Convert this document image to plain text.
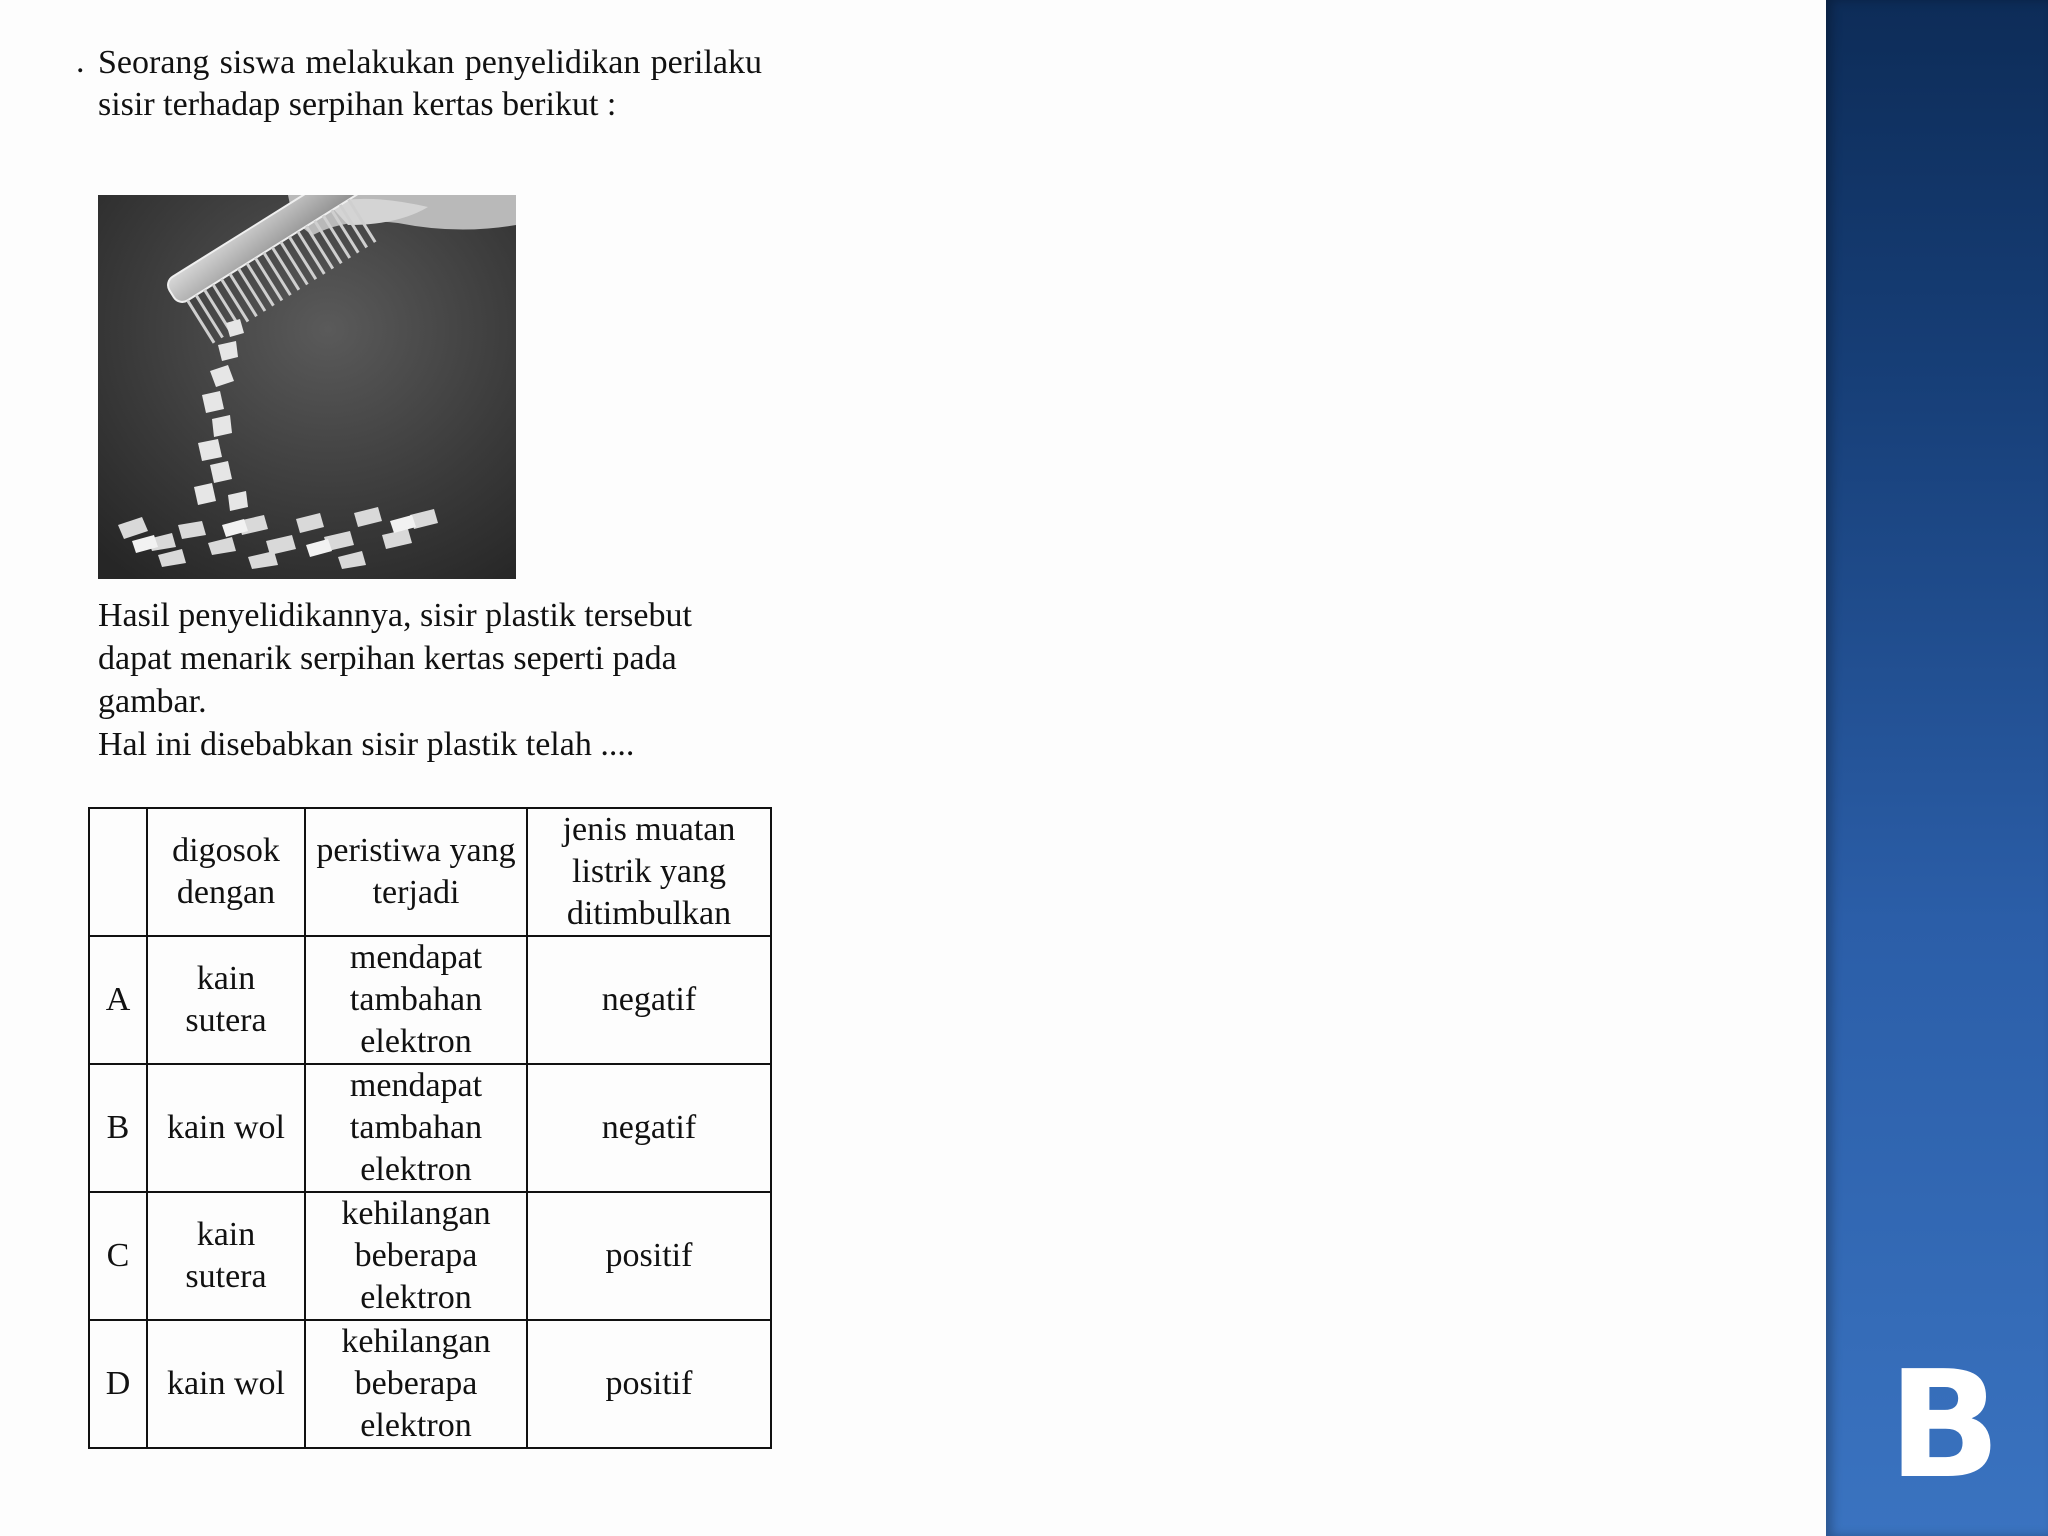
. Seorang siswa melakukan penyelidikan perilaku sisir terhadap serpihan kertas berikut :

Hasil penyelidikannya, sisir plastik tersebut dapat menarik serpihan kertas seperti pada gambar.

Hal ini disebabkan sisir plastik telah ....

	digosok dengan	peristiwa yang terjadi	jenis muatan listrik yang ditimbulkan
A	kain sutera	mendapat tambahan elektron	negatif
B	kain wol	mendapat tambahan elektron	negatif
C	kain sutera	kehilangan beberapa elektron	positif
D	kain wol	kehilangan beberapa elektron	positif	B
